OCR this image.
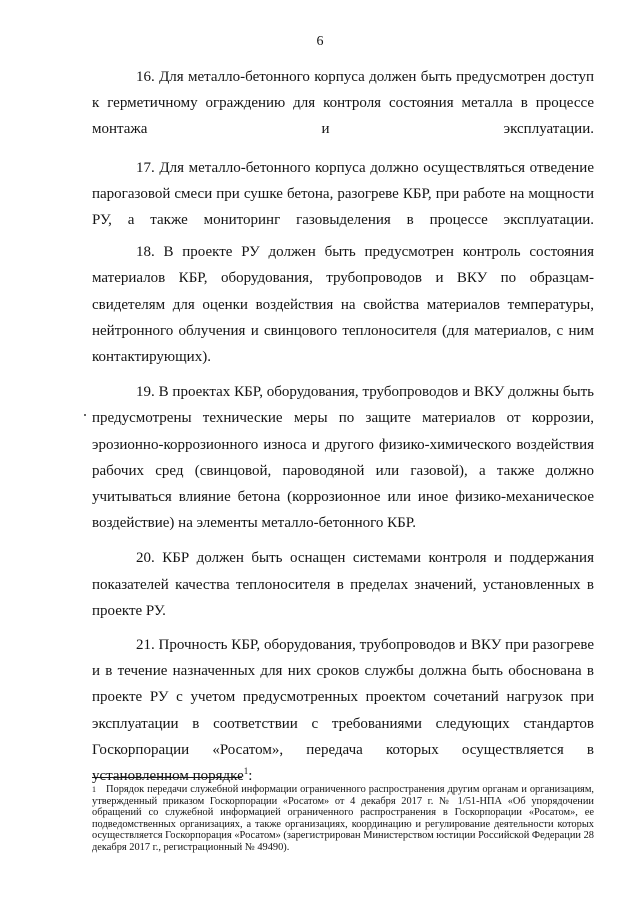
6

16. Для металло-бетонного корпуса должен быть предусмотрен доступ к герметичному ограждению для контроля состояния металла в процессе монтажа и эксплуатации.

17. Для металло-бетонного корпуса должно осуществляться отведение парогазовой смеси при сушке бетона, разогреве КБР, при работе на мощности РУ, а также мониторинг газовыделения в процессе эксплуатации.

18. В проекте РУ должен быть предусмотрен контроль состояния материалов КБР, оборудования, трубопроводов и ВКУ по образцам-свидетелям для оценки воздействия на свойства материалов температуры, нейтронного облучения и свинцового теплоносителя (для материалов, с ним контактирующих).

19. В проектах КБР, оборудования, трубопроводов и ВКУ должны быть предусмотрены технические меры по защите материалов от коррозии, эрозионно-коррозионного износа и другого физико-химического воздействия рабочих сред (свинцовой, пароводяной или газовой), а также должно учитываться влияние бетона (коррозионное или иное физико-механическое воздействие) на элементы металло-бетонного КБР.

20. КБР должен быть оснащен системами контроля и поддержания показателей качества теплоносителя в пределах значений, установленных в проекте РУ.

21. Прочность КБР, оборудования, трубопроводов и ВКУ при разогреве и в течение назначенных для них сроков службы должна быть обоснована в проекте РУ с учетом предусмотренных проектом сочетаний нагрузок при эксплуатации в соответствии с требованиями следующих стандартов Госкорпорации «Росатом», передача которых осуществляется в установленном порядке$^1$:

$^1$ Порядок передачи служебной информации ограниченного распространения другим органам и организациям, утвержденный приказом Госкорпорации «Росатом» от 4 декабря 2017 г. № 1/51-НПА «Об упорядочении обращений со служебной информацией ограниченного распространения в Госкорпорации «Росатом», ее подведомственных организациях, а также организациях, координацию и регулирование деятельности которых осуществляется Госкорпорация «Росатом» (зарегистрирован Министерством юстиции Российской Федерации 28 декабря 2017 г., регистрационный № 49490).
